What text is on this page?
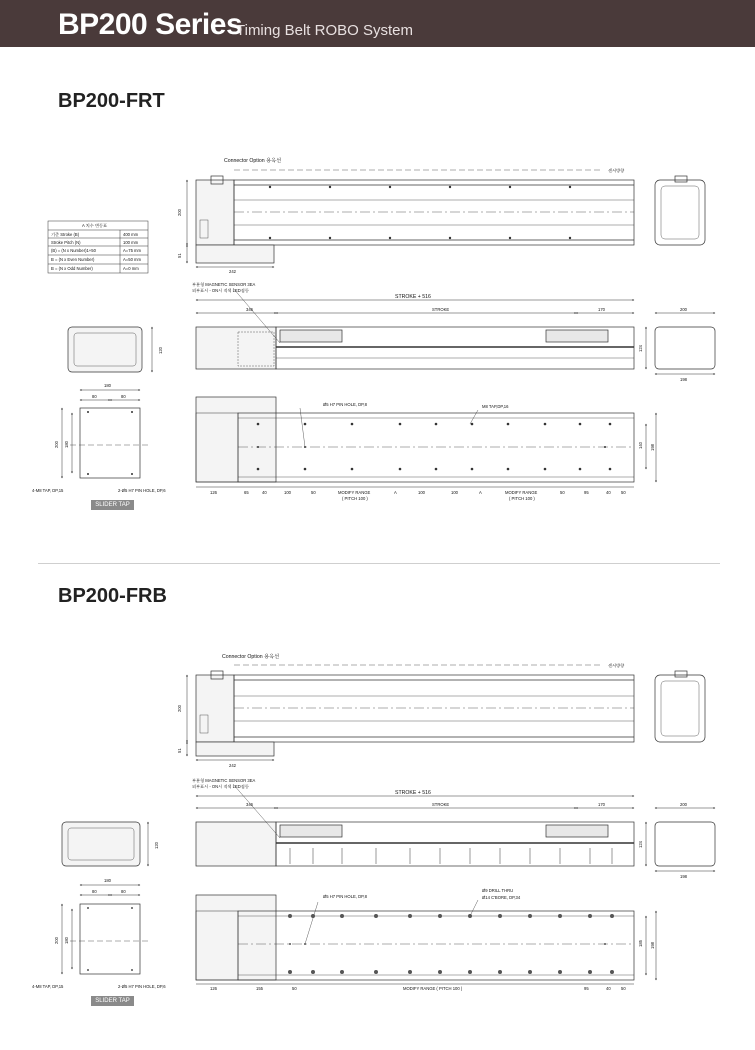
BP200 Series
Timing Belt ROBO System
BP200-FRT
BP200-FRB
SLIDER TAP
SLIDER TAP
Connector Option 용옥선
센서방향
200
51
242
A 치수 변동표
기준 Stroke (B)	400 mm
Stroke Pitch (N)	100 mm
(B) = (N x Number)1+50	A=75 mm
B = (N x Even Number)	A=50 mm
B = (N x Odd Number)	A=0 mm
부분형 MAGNETIC SENSOR 3EA
외부표시 - ON시 적색 LED점등
STROKE + 516
346	STROKE	170	200
124
198
120
Ø5 H7 PIN HOLE, DP,8	M8 TAP,DP,16
140 198
180
80	80
200 180
4-M8 TAP, DP,15	2-Ø5 H7 PIN HOLE, DP,6	126	65	40	100	50	MODIFY RANGE	A	100	100	A	MODIFY RANGE	50	95	40 50
( PITCH 100 )	( PITCH 100 )
Connector Option 용옥선
센서방향
200
51
242
부분형 MAGNETIC SENSOR 3EA
외부표시 - ON시 적색 LED점등
STROKE + 516
346	STROKE	170	200
124
198
120
Ø5 H7 PIN HOLE, DP,8
Ø9 DRILL THRU
Ø14 C'BORE, DP,34
185 198
180
80	80
200 180
4-M8 TAP, DP,15	2-Ø5 H7 PIN HOLE, DP,6	126	155	50	MODIFY RANGE ( PITCH 100 )	95	40 50
